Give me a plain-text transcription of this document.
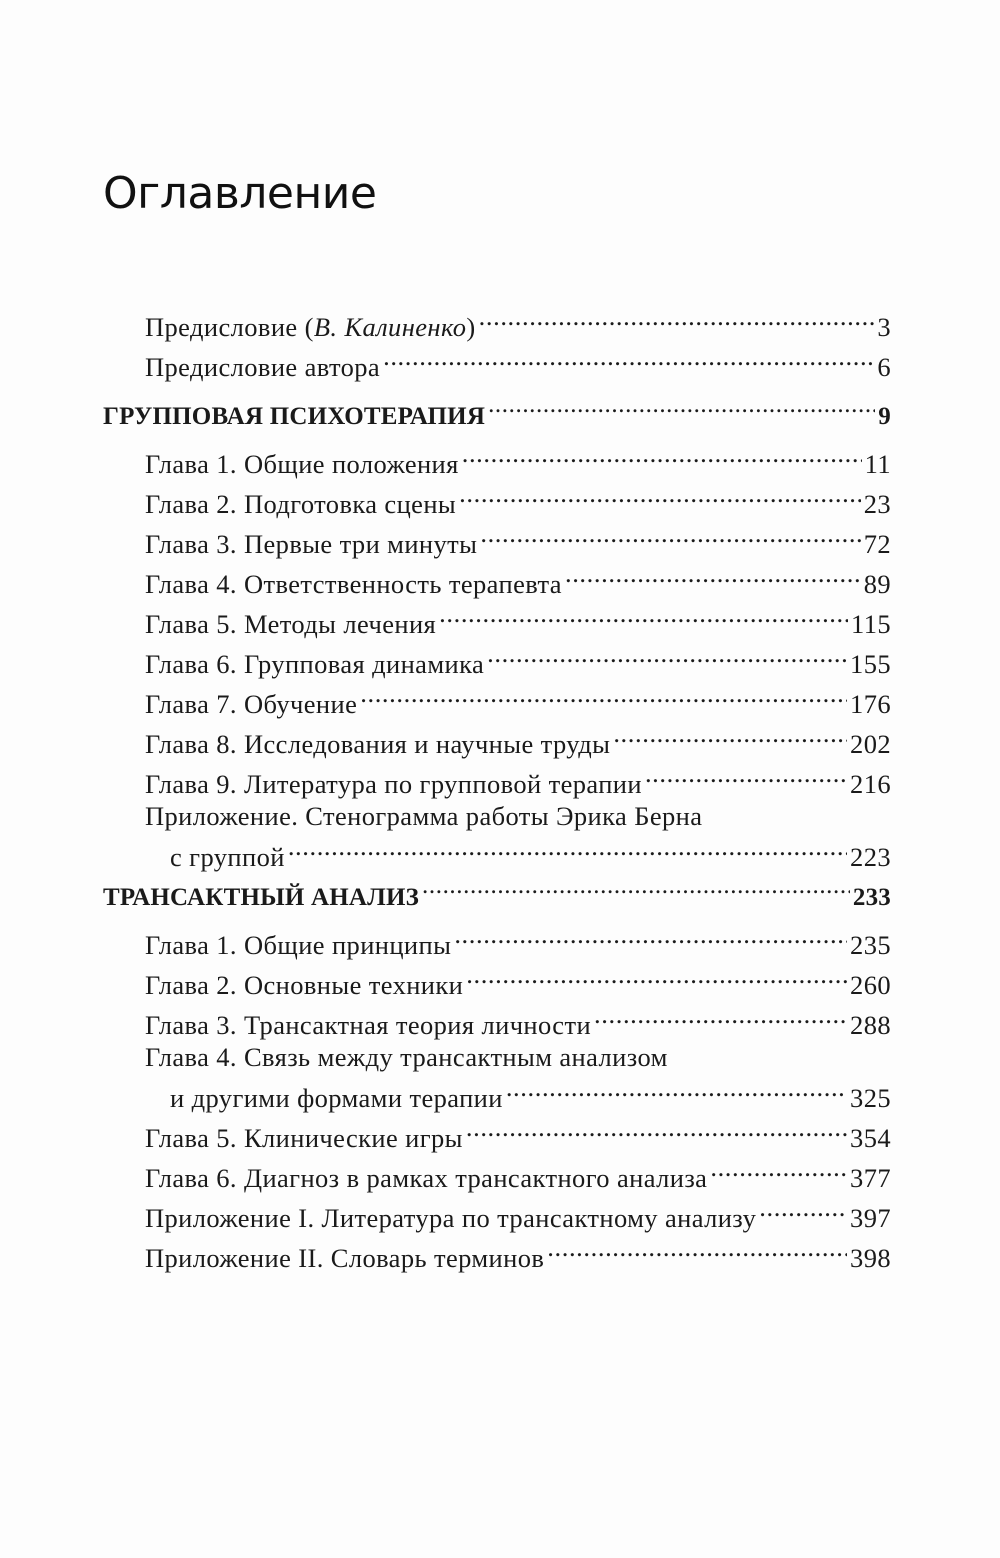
Оглавление
Предисловие (В. Калиненко) .....	3
Предисловие автора .....	6
ГРУППОВАЯ ПСИХОТЕРАПИЯ .....	9
Глава 1. Общие положения .....	11
Глава 2. Подготовка сцены .....	23
Глава 3. Первые три минуты .....	72
Глава 4. Ответственность терапевта .....	89
Глава 5. Методы лечения .....	115
Глава 6. Групповая динамика .....	155
Глава 7. Обучение .....	176
Глава 8. Исследования и научные труды .....	202
Глава 9. Литература по групповой терапии .....	216
Приложение. Стенограмма работы Эрика Берна
с группой .....	223
ТРАНСАКТНЫЙ АНАЛИЗ .....	233
Глава 1. Общие принципы .....	235
Глава 2. Основные техники .....	260
Глава 3. Трансактная теория личности .....	288
Глава 4. Связь между трансактным анализом
и другими формами терапии .....	325
Глава 5. Клинические игры .....	354
Глава 6. Диагноз в рамках трансактного анализа .....	377
Приложение I. Литература по трансактному анализу .....	397
Приложение II. Словарь терминов .....	398
